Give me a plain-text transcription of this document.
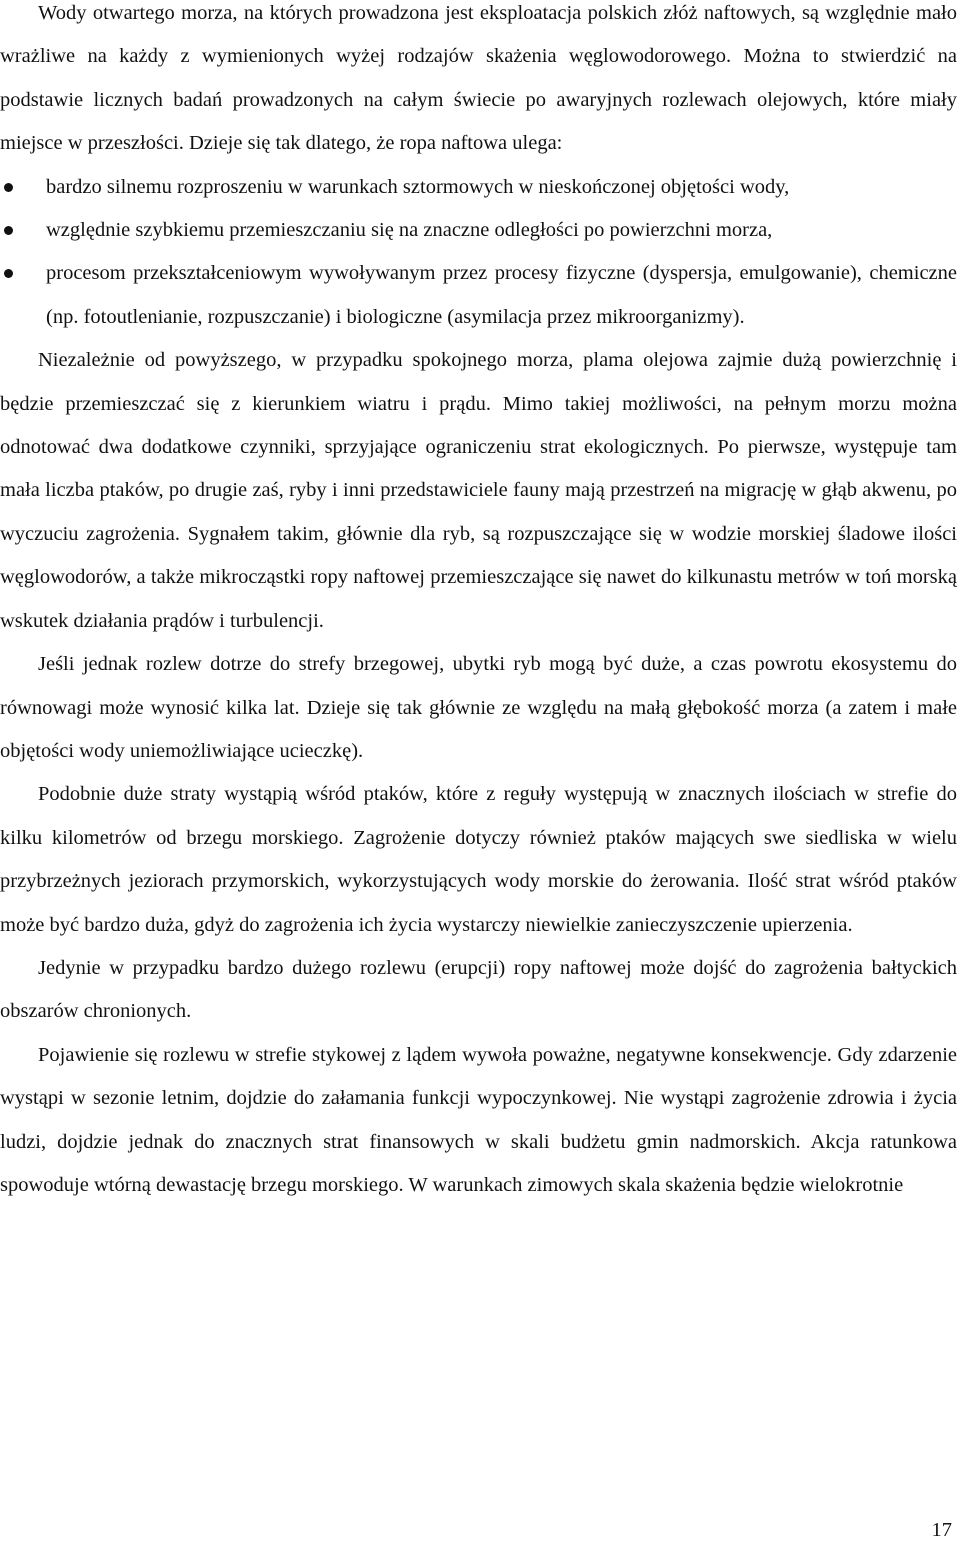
Wody otwartego morza, na których prowadzona jest eksploatacja polskich złóż naftowych, są względnie mało wrażliwe na każdy z wymienionych wyżej rodzajów skażenia węglowodorowego. Można to stwierdzić na podstawie licznych badań prowadzonych na całym świecie po awaryjnych rozlewach olejowych, które miały miejsce w przeszłości. Dzieje się tak dlatego, że ropa naftowa ulega:

bardzo silnemu rozproszeniu w warunkach sztormowych w nieskończonej objętości wody,
względnie szybkiemu przemieszczaniu się na znaczne odległości po powierzchni morza,
procesom przekształceniowym wywoływanym przez procesy fizyczne (dyspersja, emulgowanie), chemiczne (np. fotoutlenianie, rozpuszczanie) i biologiczne (asymilacja przez mikroorganizmy).

Niezależnie od powyższego, w przypadku spokojnego morza, plama olejowa zajmie dużą powierzchnię i będzie przemieszczać się z kierunkiem wiatru i prądu. Mimo takiej możliwości, na pełnym morzu można odnotować dwa dodatkowe czynniki, sprzyjające ograniczeniu strat ekologicznych. Po pierwsze, występuje tam mała liczba ptaków, po drugie zaś, ryby i inni przedstawiciele fauny mają przestrzeń na migrację w głąb akwenu, po wyczuciu zagrożenia. Sygnałem takim, głównie dla ryb, są rozpuszczające się w wodzie morskiej śladowe ilości węglowodorów, a także mikrocząstki ropy naftowej przemieszczające się nawet do kilkunastu metrów w toń morską wskutek działania prądów i turbulencji.

Jeśli jednak rozlew dotrze do strefy brzegowej, ubytki ryb mogą być duże, a czas powrotu ekosystemu do równowagi może wynosić kilka lat. Dzieje się tak głównie ze względu na małą głębokość morza (a zatem i małe objętości wody uniemożliwiające ucieczkę).

Podobnie duże straty wystąpią wśród ptaków, które z reguły występują w znacznych ilościach w strefie do kilku kilometrów od brzegu morskiego. Zagrożenie dotyczy również ptaków mających swe siedliska w wielu przybrzeżnych jeziorach przymorskich, wykorzystujących wody morskie do żerowania. Ilość strat wśród ptaków może być bardzo duża, gdyż do zagrożenia ich życia wystarczy niewielkie zanieczyszczenie upierzenia.

Jedynie w przypadku bardzo dużego rozlewu (erupcji) ropy naftowej może dojść do zagrożenia bałtyckich obszarów chronionych.

Pojawienie się rozlewu w strefie stykowej z lądem wywoła poważne, negatywne konsekwencje. Gdy zdarzenie wystąpi w sezonie letnim, dojdzie do załamania funkcji wypoczynkowej. Nie wystąpi zagrożenie zdrowia i życia ludzi, dojdzie jednak do znacznych strat finansowych w skali budżetu gmin nadmorskich. Akcja ratunkowa spowoduje wtórną dewastację brzegu morskiego. W warunkach zimowych skala skażenia będzie wielokrotnie

17
